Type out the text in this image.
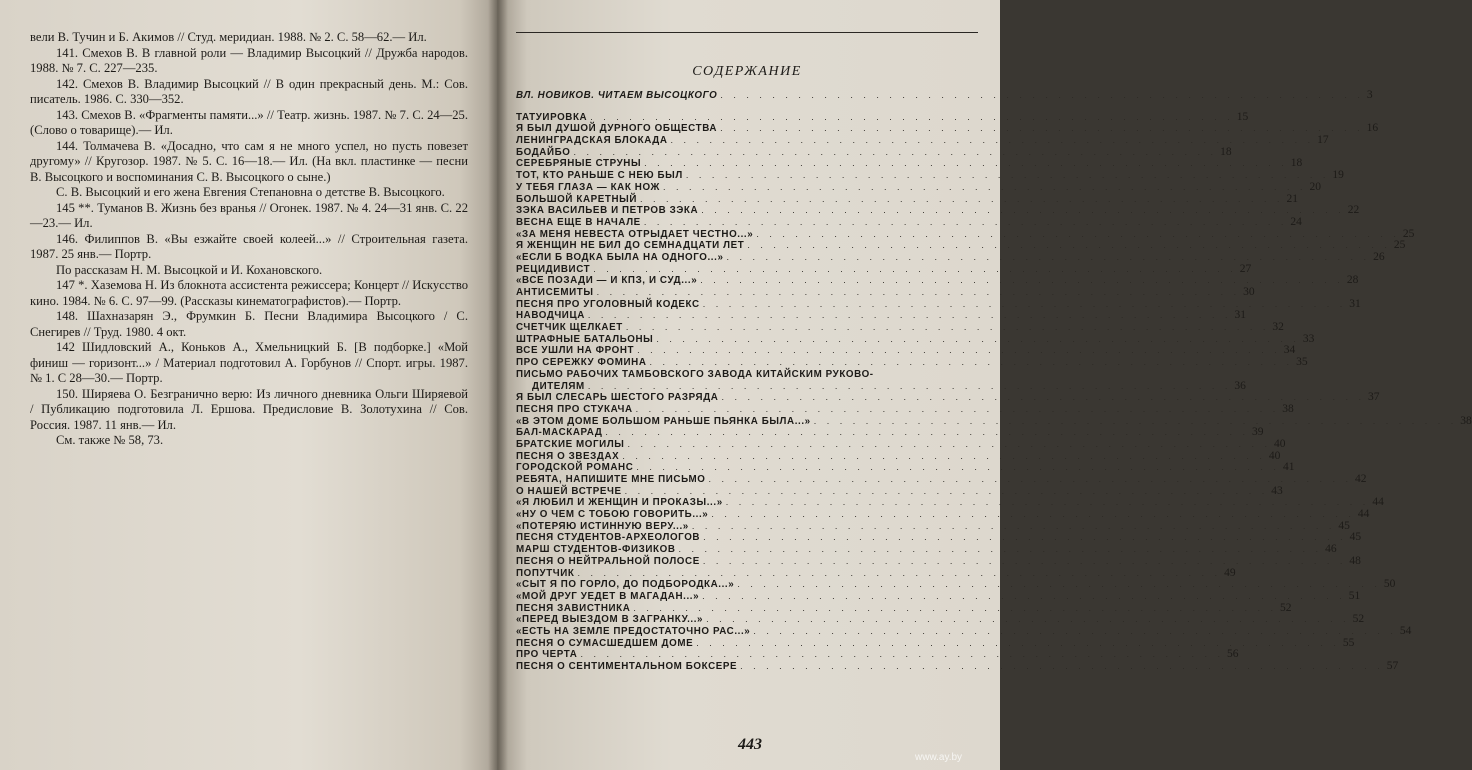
вели В. Тучин и Б. Акимов // Студ. меридиан. 1988. № 2. С. 58—62.— Ил.

141. Смехов В. В главной роли — Владимир Высоцкий // Дружба народов. 1988. № 7. С. 227—235.

142. Смехов В. Владимир Высоцкий // В один прекрасный день. М.: Сов. писатель. 1986. С. 330—352.

143. Смехов В. «Фрагменты памяти...» // Театр. жизнь. 1987. № 7. С. 24—25. (Слово о товарище).— Ил.

144. Толмачева В. «Досадно, что сам я не много успел, но пусть повезет другому» // Кругозор. 1987. № 5. С. 16—18.— Ил. (На вкл. пластинке — песни В. Высоцкого и воспоминания С. В. Высоцкого о сыне.)

С. В. Высоцкий и его жена Евгения Степановна о детстве В. Высоцкого.

145 **. Туманов В. Жизнь без вранья // Огонек. 1987. № 4. 24—31 янв. С. 22—23.— Ил.

146. Филиппов В. «Вы езжайте своей колеей...» // Строительная газета. 1987. 25 янв.— Портр.

По рассказам Н. М. Высоцкой и И. Кохановского.

147 *. Хаземова Н. Из блокнота ассистента режиссера; Концерт // Искусство кино. 1984. № 6. С. 97—99. (Рассказы кинематографистов).— Портр.

148. Шахназарян Э., Фрумкин Б. Песни Владимира Высоцкого / С. Снегирев // Труд. 1980. 4 окт.

142 Шидловский А., Коньков А., Хмельницкий Б. [В подборке.] «Мой финиш — горизонт...» / Материал подготовил А. Горбунов // Спорт. игры. 1987. № 1. С 28—30.— Портр.

150. Ширяева О. Безгранично верю: Из личного дневника Ольги Ширяевой / Публикацию подготовила Л. Ершова. Предисловие В. Золотухина // Сов. Россия. 1987. 11 янв.— Ил.

См. также № 58, 73.

СОДЕРЖАНИЕ
ВЛ. НОВИКОВ. ЧИТАЕМ ВЫСОЦКОГО . . . . . . . . . . . . . . . . . . . . . . . . . . . . . . . . . . . . . . . . . . . . . . . . . . 3
ТАТУИРОВКА . . . . . . . . . . . . . . . . . . . . . . . . . . . . . . . . . . . . . . . . . . . . . . . . . . 15
Я БЫЛ ДУШОЙ ДУРНОГО ОБЩЕСТВА . . . . . . . . . . . . . . . . . . . . . . . . . . . . . . . . . . . . . . . . . . . . . . . . . . 16
ЛЕНИНГРАДСКАЯ БЛОКАДА . . . . . . . . . . . . . . . . . . . . . . . . . . . . . . . . . . . . . . . . . . . . . . . . . . 17
БОДАЙБО . . . . . . . . . . . . . . . . . . . . . . . . . . . . . . . . . . . . . . . . . . . . . . . . . . 18
СЕРЕБРЯНЫЕ СТРУНЫ . . . . . . . . . . . . . . . . . . . . . . . . . . . . . . . . . . . . . . . . . . . . . . . . . . 18
ТОТ, КТО РАНЬШЕ С НЕЮ БЫЛ . . . . . . . . . . . . . . . . . . . . . . . . . . . . . . . . . . . . . . . . . . . . . . . . . . 19
У ТЕБЯ ГЛАЗА — КАК НОЖ . . . . . . . . . . . . . . . . . . . . . . . . . . . . . . . . . . . . . . . . . . . . . . . . . . 20
БОЛЬШОЙ КАРЕТНЫЙ . . . . . . . . . . . . . . . . . . . . . . . . . . . . . . . . . . . . . . . . . . . . . . . . . . 21
ЗЭКА ВАСИЛЬЕВ И ПЕТРОВ ЗЭКА . . . . . . . . . . . . . . . . . . . . . . . . . . . . . . . . . . . . . . . . . . . . . . . . . . 22
ВЕСНА ЕЩЕ В НАЧАЛЕ . . . . . . . . . . . . . . . . . . . . . . . . . . . . . . . . . . . . . . . . . . . . . . . . . . 24
«ЗА МЕНЯ НЕВЕСТА ОТРЫДАЕТ ЧЕСТНО...» . . . . . . . . . . . . . . . . . . . . . . . . . . . . . . . . . . . . . . . . . . . . . . . . . . 25
Я ЖЕНЩИН НЕ БИЛ ДО СЕМНАДЦАТИ ЛЕТ . . . . . . . . . . . . . . . . . . . . . . . . . . . . . . . . . . . . . . . . . . . . . . . . . . 25
«ЕСЛИ Б ВОДКА БЫЛА НА ОДНОГО...» . . . . . . . . . . . . . . . . . . . . . . . . . . . . . . . . . . . . . . . . . . . . . . . . . . 26
РЕЦИДИВИСТ . . . . . . . . . . . . . . . . . . . . . . . . . . . . . . . . . . . . . . . . . . . . . . . . . . 27
«ВСЕ ПОЗАДИ — И КПЗ, И СУД...» . . . . . . . . . . . . . . . . . . . . . . . . . . . . . . . . . . . . . . . . . . . . . . . . . . 28
АНТИСЕМИТЫ . . . . . . . . . . . . . . . . . . . . . . . . . . . . . . . . . . . . . . . . . . . . . . . . . . 30
ПЕСНЯ ПРО УГОЛОВНЫЙ КОДЕКС . . . . . . . . . . . . . . . . . . . . . . . . . . . . . . . . . . . . . . . . . . . . . . . . . . 31
НАВОДЧИЦА . . . . . . . . . . . . . . . . . . . . . . . . . . . . . . . . . . . . . . . . . . . . . . . . . . 31
СЧЕТЧИК ЩЕЛКАЕТ . . . . . . . . . . . . . . . . . . . . . . . . . . . . . . . . . . . . . . . . . . . . . . . . . . 32
ШТРАФНЫЕ БАТАЛЬОНЫ . . . . . . . . . . . . . . . . . . . . . . . . . . . . . . . . . . . . . . . . . . . . . . . . . . 33
ВСЕ УШЛИ НА ФРОНТ . . . . . . . . . . . . . . . . . . . . . . . . . . . . . . . . . . . . . . . . . . . . . . . . . . 34
ПРО СЕРЕЖКУ ФОМИНА . . . . . . . . . . . . . . . . . . . . . . . . . . . . . . . . . . . . . . . . . . . . . . . . . . 35
ПИСЬМО РАБОЧИХ ТАМБОВСКОГО ЗАВОДА КИТАЙСКИМ РУКОВО-
ДИТЕЛЯМ . . . . . . . . . . . . . . . . . . . . . . . . . . . . . . . . . . . . . . . . . . . . . . . . . . 36
Я БЫЛ СЛЕСАРЬ ШЕСТОГО РАЗРЯДА . . . . . . . . . . . . . . . . . . . . . . . . . . . . . . . . . . . . . . . . . . . . . . . . . . 37
ПЕСНЯ ПРО СТУКАЧА . . . . . . . . . . . . . . . . . . . . . . . . . . . . . . . . . . . . . . . . . . . . . . . . . . 38
«В ЭТОМ ДОМЕ БОЛЬШОМ РАНЬШЕ ПЬЯНКА БЫЛА...» . . . . . . . . . . . . . . . . . . . . . . . . . . . . . . . . . . . . . . . . . . . . . . . . . . 38
БАЛ-МАСКАРАД . . . . . . . . . . . . . . . . . . . . . . . . . . . . . . . . . . . . . . . . . . . . . . . . . . 39
БРАТСКИЕ МОГИЛЫ . . . . . . . . . . . . . . . . . . . . . . . . . . . . . . . . . . . . . . . . . . . . . . . . . . 40
ПЕСНЯ О ЗВЕЗДАХ . . . . . . . . . . . . . . . . . . . . . . . . . . . . . . . . . . . . . . . . . . . . . . . . . . 40
ГОРОДСКОЙ РОМАНС . . . . . . . . . . . . . . . . . . . . . . . . . . . . . . . . . . . . . . . . . . . . . . . . . . 41
РЕБЯТА, НАПИШИТЕ МНЕ ПИСЬМО . . . . . . . . . . . . . . . . . . . . . . . . . . . . . . . . . . . . . . . . . . . . . . . . . . 42
О НАШЕЙ ВСТРЕЧЕ . . . . . . . . . . . . . . . . . . . . . . . . . . . . . . . . . . . . . . . . . . . . . . . . . . 43
«Я ЛЮБИЛ И ЖЕНЩИН И ПРОКАЗЫ...» . . . . . . . . . . . . . . . . . . . . . . . . . . . . . . . . . . . . . . . . . . . . . . . . . . 44
«НУ О ЧЕМ С ТОБОЮ ГОВОРИТЬ...» . . . . . . . . . . . . . . . . . . . . . . . . . . . . . . . . . . . . . . . . . . . . . . . . . . 44
«ПОТЕРЯЮ ИСТИННУЮ ВЕРУ...» . . . . . . . . . . . . . . . . . . . . . . . . . . . . . . . . . . . . . . . . . . . . . . . . . . 45
ПЕСНЯ СТУДЕНТОВ-АРХЕОЛОГОВ . . . . . . . . . . . . . . . . . . . . . . . . . . . . . . . . . . . . . . . . . . . . . . . . . . 45
МАРШ СТУДЕНТОВ-ФИЗИКОВ . . . . . . . . . . . . . . . . . . . . . . . . . . . . . . . . . . . . . . . . . . . . . . . . . . 46
ПЕСНЯ О НЕЙТРАЛЬНОЙ ПОЛОСЕ . . . . . . . . . . . . . . . . . . . . . . . . . . . . . . . . . . . . . . . . . . . . . . . . . . 48
ПОПУТЧИК . . . . . . . . . . . . . . . . . . . . . . . . . . . . . . . . . . . . . . . . . . . . . . . . . . 49
«СЫТ Я ПО ГОРЛО, ДО ПОДБОРОДКА...» . . . . . . . . . . . . . . . . . . . . . . . . . . . . . . . . . . . . . . . . . . . . . . . . . . 50
«МОЙ ДРУГ УЕДЕТ В МАГАДАН...» . . . . . . . . . . . . . . . . . . . . . . . . . . . . . . . . . . . . . . . . . . . . . . . . . . 51
ПЕСНЯ ЗАВИСТНИКА . . . . . . . . . . . . . . . . . . . . . . . . . . . . . . . . . . . . . . . . . . . . . . . . . . 52
«ПЕРЕД ВЫЕЗДОМ В ЗАГРАНКУ...» . . . . . . . . . . . . . . . . . . . . . . . . . . . . . . . . . . . . . . . . . . . . . . . . . . 52
«ЕСТЬ НА ЗЕМЛЕ ПРЕДОСТАТОЧНО РАС...» . . . . . . . . . . . . . . . . . . . . . . . . . . . . . . . . . . . . . . . . . . . . . . . . . . 54
ПЕСНЯ О СУМАСШЕДШЕМ ДОМЕ . . . . . . . . . . . . . . . . . . . . . . . . . . . . . . . . . . . . . . . . . . . . . . . . . . 55
ПРО ЧЕРТА . . . . . . . . . . . . . . . . . . . . . . . . . . . . . . . . . . . . . . . . . . . . . . . . . . 56
ПЕСНЯ О СЕНТИМЕНТАЛЬНОМ БОКСЕРЕ . . . . . . . . . . . . . . . . . . . . . . . . . . . . . . . . . . . . . . . . . . . . . . . . . . 57
443
www.ay.by
